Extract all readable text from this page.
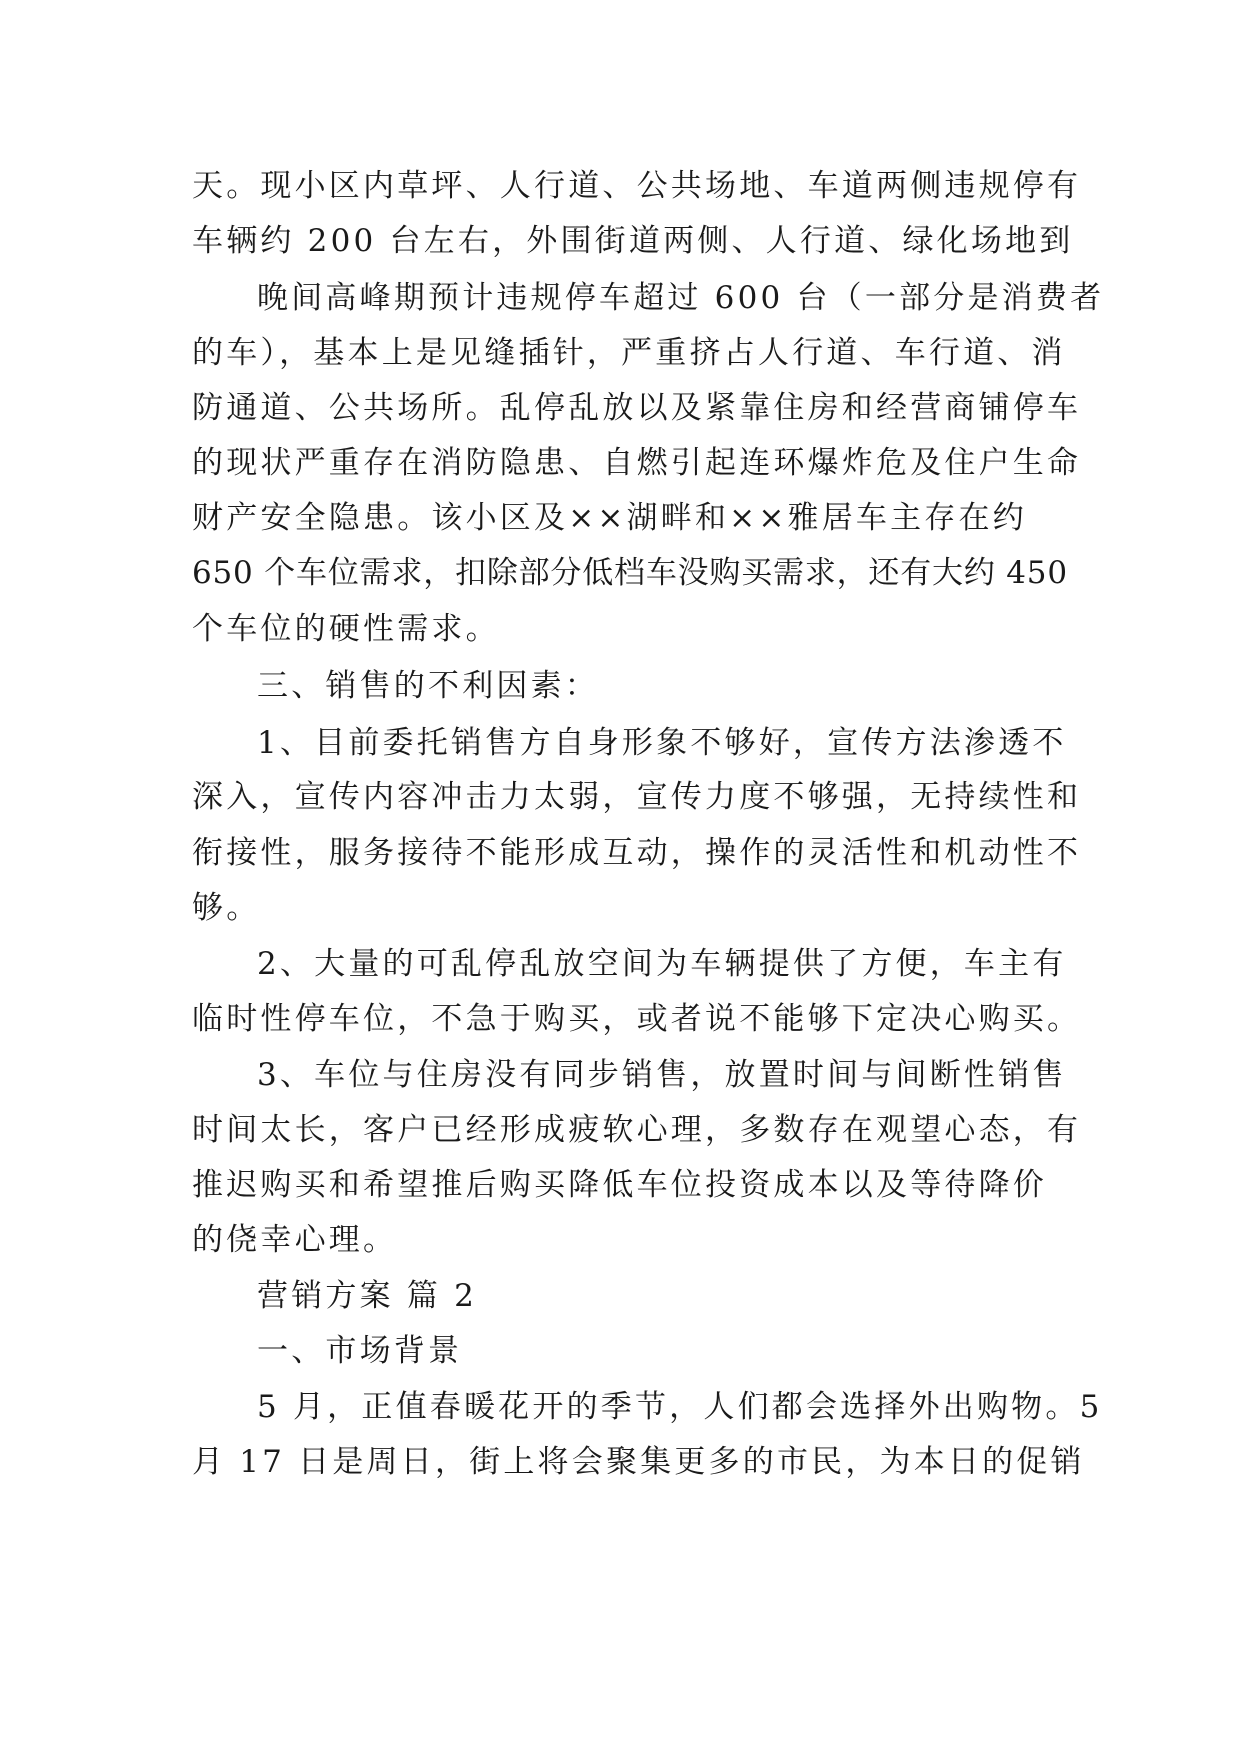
天。现小区内草坪、人行道、公共场地、车道两侧违规停有
车辆约 200 台左右，外围街道两侧、人行道、绿化场地到
晚间高峰期预计违规停车超过 600 台（一部分是消费者
的车），基本上是见缝插针，严重挤占人行道、车行道、消
防通道、公共场所。乱停乱放以及紧靠住房和经营商铺停车
的现状严重存在消防隐患、自燃引起连环爆炸危及住户生命
财产安全隐患。该小区及××湖畔和××雅居车主存在约
650 个车位需求，扣除部分低档车没购买需求，还有大约 450
个车位的硬性需求。
三、销售的不利因素：
1、目前委托销售方自身形象不够好，宣传方法渗透不
深入，宣传内容冲击力太弱，宣传力度不够强，无持续性和
衔接性，服务接待不能形成互动，操作的灵活性和机动性不
够。
2、大量的可乱停乱放空间为车辆提供了方便，车主有
临时性停车位，不急于购买，或者说不能够下定决心购买。
3、车位与住房没有同步销售，放置时间与间断性销售
时间太长，客户已经形成疲软心理，多数存在观望心态，有
推迟购买和希望推后购买降低车位投资成本以及等待降价
的侥幸心理。
营销方案 篇 2
一、市场背景
5 月，正值春暖花开的季节，人们都会选择外出购物。5
月 17 日是周日，街上将会聚集更多的市民，为本日的促销
